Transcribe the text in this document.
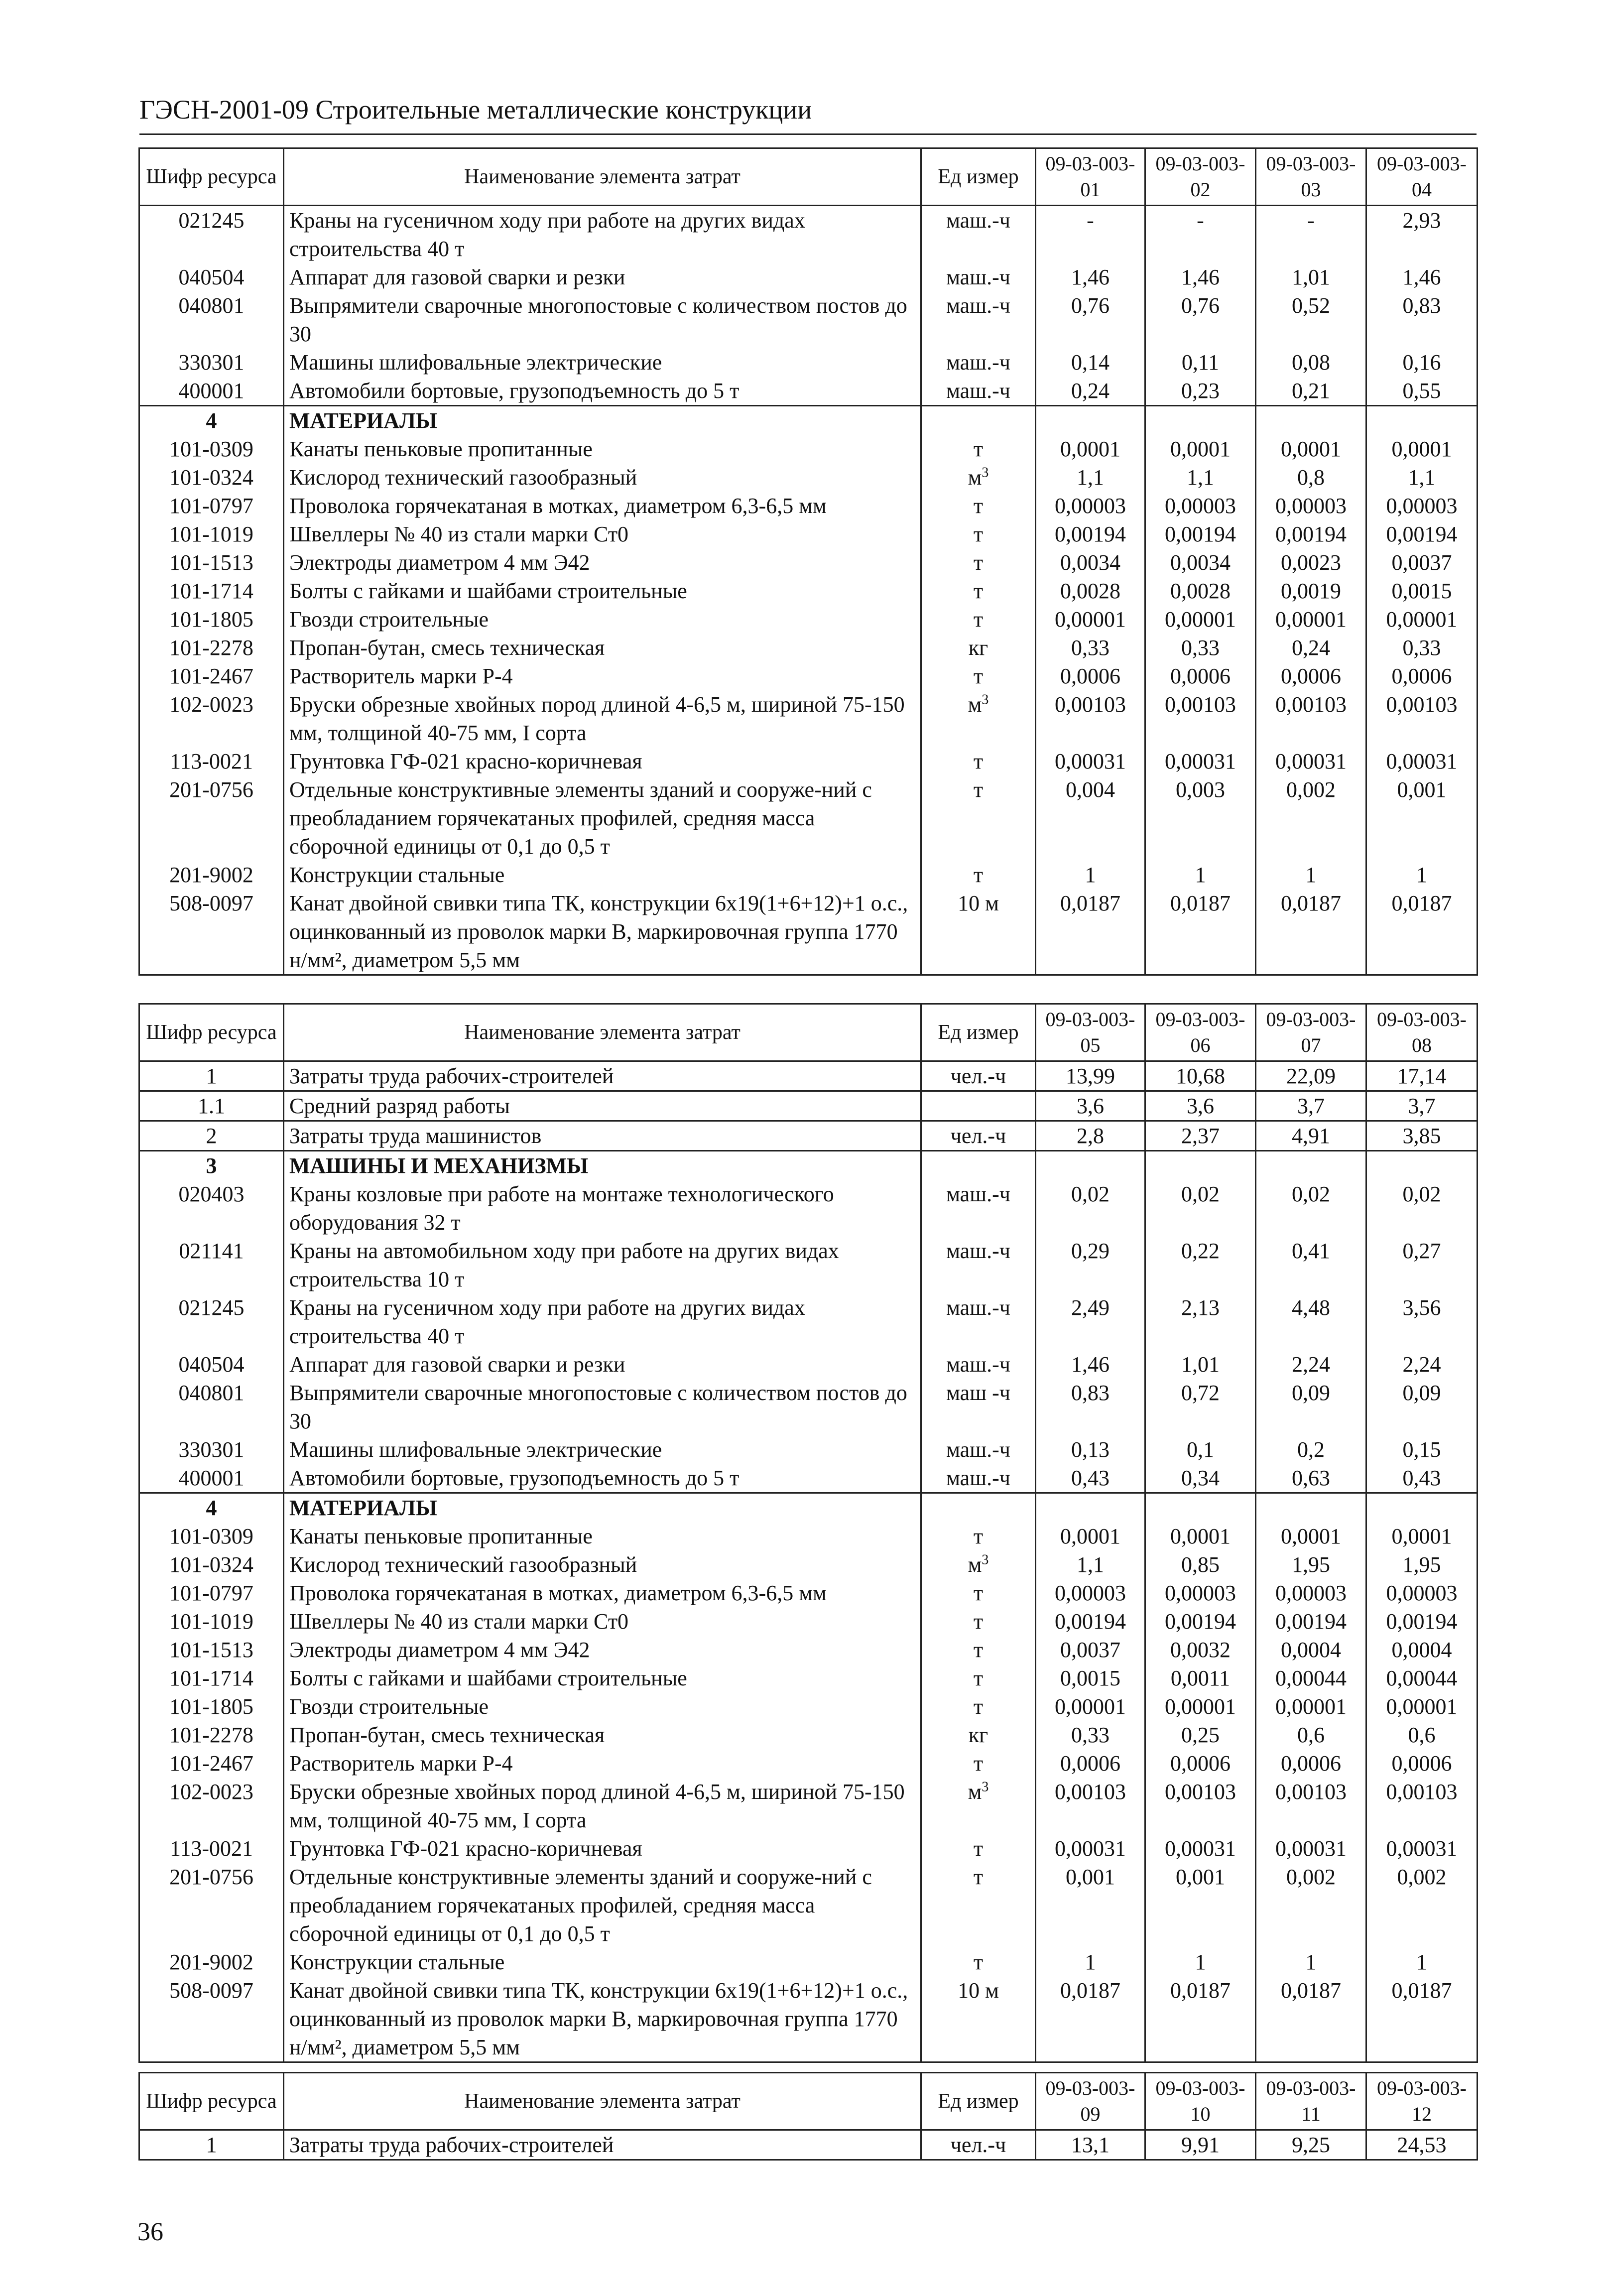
ГЭСН-2001-09 Строительные металлические конструкции
Шифр ресурса	Наименование элемента затрат	Ед измер	09-03-003-01	09-03-003-02	09-03-003-03	09-03-003-04
021245	Краны на гусеничном ходу при работе на других видах строительства 40 т	маш.-ч	-	-	-	2,93
040504	Аппарат для газовой сварки и резки	маш.-ч	1,46	1,46	1,01	1,46
040801	Выпрямители сварочные многопостовые с количеством постов до 30	маш.-ч	0,76	0,76	0,52	0,83
330301	Машины шлифовальные электрические	маш.-ч	0,14	0,11	0,08	0,16
400001	Автомобили бортовые, грузоподъемность до 5 т	маш.-ч	0,24	0,23	0,21	0,55
4	МАТЕРИАЛЫ					
101-0309	Канаты пеньковые пропитанные	т	0,0001	0,0001	0,0001	0,0001
101-0324	Кислород технический газообразный	$м^3$	1,1	1,1	0,8	1,1
101-0797	Проволока горячекатаная в мотках, диаметром 6,3-6,5 мм	т	0,00003	0,00003	0,00003	0,00003
101-1019	Швеллеры № 40 из стали марки Ст0	т	0,00194	0,00194	0,00194	0,00194
101-1513	Электроды диаметром 4 мм Э42	т	0,0034	0,0034	0,0023	0,0037
101-1714	Болты с гайками и шайбами строительные	т	0,0028	0,0028	0,0019	0,0015
101-1805	Гвозди строительные	т	0,00001	0,00001	0,00001	0,00001
101-2278	Пропан-бутан, смесь техническая	кг	0,33	0,33	0,24	0,33
101-2467	Растворитель марки Р-4	т	0,0006	0,0006	0,0006	0,0006
102-0023	Бруски обрезные хвойных пород длиной 4-6,5 м, шириной 75-150 мм, толщиной 40-75 мм, I сорта	$м^3$	0,00103	0,00103	0,00103	0,00103
113-0021	Грунтовка ГФ-021 красно-коричневая	т	0,00031	0,00031	0,00031	0,00031
201-0756	Отдельные конструктивные элементы зданий и сооруже-ний с преобладанием горячекатаных профилей, средняя масса сборочной единицы от 0,1 до 0,5 т	т	0,004	0,003	0,002	0,001
201-9002	Конструкции стальные	т	1	1	1	1
508-0097	Канат двойной свивки типа ТК, конструкции 6х19(1+6+12)+1 о.с., оцинкованный из проволок марки В, маркировочная группа 1770 н/мм², диаметром 5,5 мм	10 м	0,0187	0,0187	0,0187	0,0187
Шифр ресурса	Наименование элемента затрат	Ед измер	09-03-003-05	09-03-003-06	09-03-003-07	09-03-003-08
1	Затраты труда рабочих-строителей	чел.-ч	13,99	10,68	22,09	17,14
1.1	Средний разряд работы		3,6	3,6	3,7	3,7
2	Затраты труда машинистов	чел.-ч	2,8	2,37	4,91	3,85
3	МАШИНЫ И МЕХАНИЗМЫ					
020403	Краны козловые при работе на монтаже технологического оборудования 32 т	маш.-ч	0,02	0,02	0,02	0,02
021141	Краны на автомобильном ходу при работе на других видах строительства 10 т	маш.-ч	0,29	0,22	0,41	0,27
021245	Краны на гусеничном ходу при работе на других видах строительства 40 т	маш.-ч	2,49	2,13	4,48	3,56
040504	Аппарат для газовой сварки и резки	маш.-ч	1,46	1,01	2,24	2,24
040801	Выпрямители сварочные многопостовые с количеством постов до 30	маш -ч	0,83	0,72	0,09	0,09
330301	Машины шлифовальные электрические	маш.-ч	0,13	0,1	0,2	0,15
400001	Автомобили бортовые, грузоподъемность до 5 т	маш.-ч	0,43	0,34	0,63	0,43
4	МАТЕРИАЛЫ					
101-0309	Канаты пеньковые пропитанные	т	0,0001	0,0001	0,0001	0,0001
101-0324	Кислород технический газообразный	$м^3$	1,1	0,85	1,95	1,95
101-0797	Проволока горячекатаная в мотках, диаметром 6,3-6,5 мм	т	0,00003	0,00003	0,00003	0,00003
101-1019	Швеллеры № 40 из стали марки Ст0	т	0,00194	0,00194	0,00194	0,00194
101-1513	Электроды диаметром 4 мм Э42	т	0,0037	0,0032	0,0004	0,0004
101-1714	Болты с гайками и шайбами строительные	т	0,0015	0,0011	0,00044	0,00044
101-1805	Гвозди строительные	т	0,00001	0,00001	0,00001	0,00001
101-2278	Пропан-бутан, смесь техническая	кг	0,33	0,25	0,6	0,6
101-2467	Растворитель марки Р-4	т	0,0006	0,0006	0,0006	0,0006
102-0023	Бруски обрезные хвойных пород длиной 4-6,5 м, шириной 75-150 мм, толщиной 40-75 мм, I сорта	$м^3$	0,00103	0,00103	0,00103	0,00103
113-0021	Грунтовка ГФ-021 красно-коричневая	т	0,00031	0,00031	0,00031	0,00031
201-0756	Отдельные конструктивные элементы зданий и сооруже-ний с преобладанием горячекатаных профилей, средняя масса сборочной единицы от 0,1 до 0,5 т	т	0,001	0,001	0,002	0,002
201-9002	Конструкции стальные	т	1	1	1	1
508-0097	Канат двойной свивки типа ТК, конструкции 6х19(1+6+12)+1 о.с., оцинкованный из проволок марки В, маркировочная группа 1770 н/мм², диаметром 5,5 мм	10 м	0,0187	0,0187	0,0187	0,0187
Шифр ресурса	Наименование элемента затрат	Ед измер	09-03-003-09	09-03-003-10	09-03-003-11	09-03-003-12
1	Затраты труда рабочих-строителей	чел.-ч	13,1	9,91	9,25	24,53
36
